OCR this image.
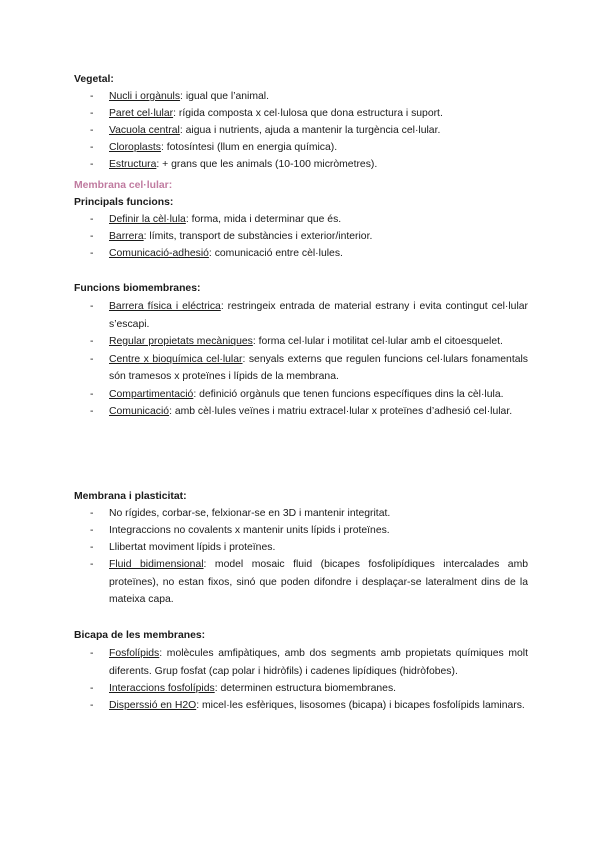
Vegetal:
- Nucli i orgànuls: igual que l’animal.
- Paret cel·lular: rígida composta x cel·lulosa que dona estructura i suport.
- Vacuola central: aigua i nutrients, ajuda a mantenir la turgència cel·lular.
- Cloroplasts: fotosíntesi (llum en energia química).
- Estructura: + grans que les animals (10-100 micròmetres).
Membrana cel·lular:
Principals funcions:
- Definir la cèl·lula: forma, mida i determinar que és.
- Barrera: límits, transport de substàncies i exterior/interior.
- Comunicació-adhesió: comunicació entre cèl·lules.
Funcions biomembranes:
- Barrera física i eléctrica: restringeix entrada de material estrany i evita contingut cel·lular s’escapi.
- Regular propietats mecàniques: forma cel·lular i motilitat cel·lular amb el citoesquelet.
- Centre x bioquímica cel·lular: senyals externs que regulen funcions cel·lulars fonamentals són tramesos x proteïnes i lípids de la membrana.
- Compartimentació: definició orgànuls que tenen funcions específiques dins la cèl·lula.
- Comunicació: amb cèl·lules veïnes i matriu extracel·lular x proteïnes d’adhesió cel·lular.
Membrana i plasticitat:
- No rígides, corbar-se, felxionar-se en 3D i mantenir integritat.
- Integraccions no covalents x mantenir units lípids i proteïnes.
- Llibertat moviment lípids i proteïnes.
- Fluid bidimensional: model mosaic fluid (bicapes fosfolipídiques intercalades amb proteïnes), no estan fixos, sinó que poden difondre i desplaçar-se lateralment dins de la mateixa capa.
Bicapa de les membranes:
- Fosfolípids: molècules amfipàtiques, amb dos segments amb propietats químiques molt diferents. Grup fosfat (cap polar i hidròfils) i cadenes lipídiques (hidròfobes).
- Interaccions fosfolípids: determinen estructura biomembranes.
- Disperssió en H2O: micel·les esfèriques, lisosomes (bicapa) i bicapes fosfolípids laminars.
